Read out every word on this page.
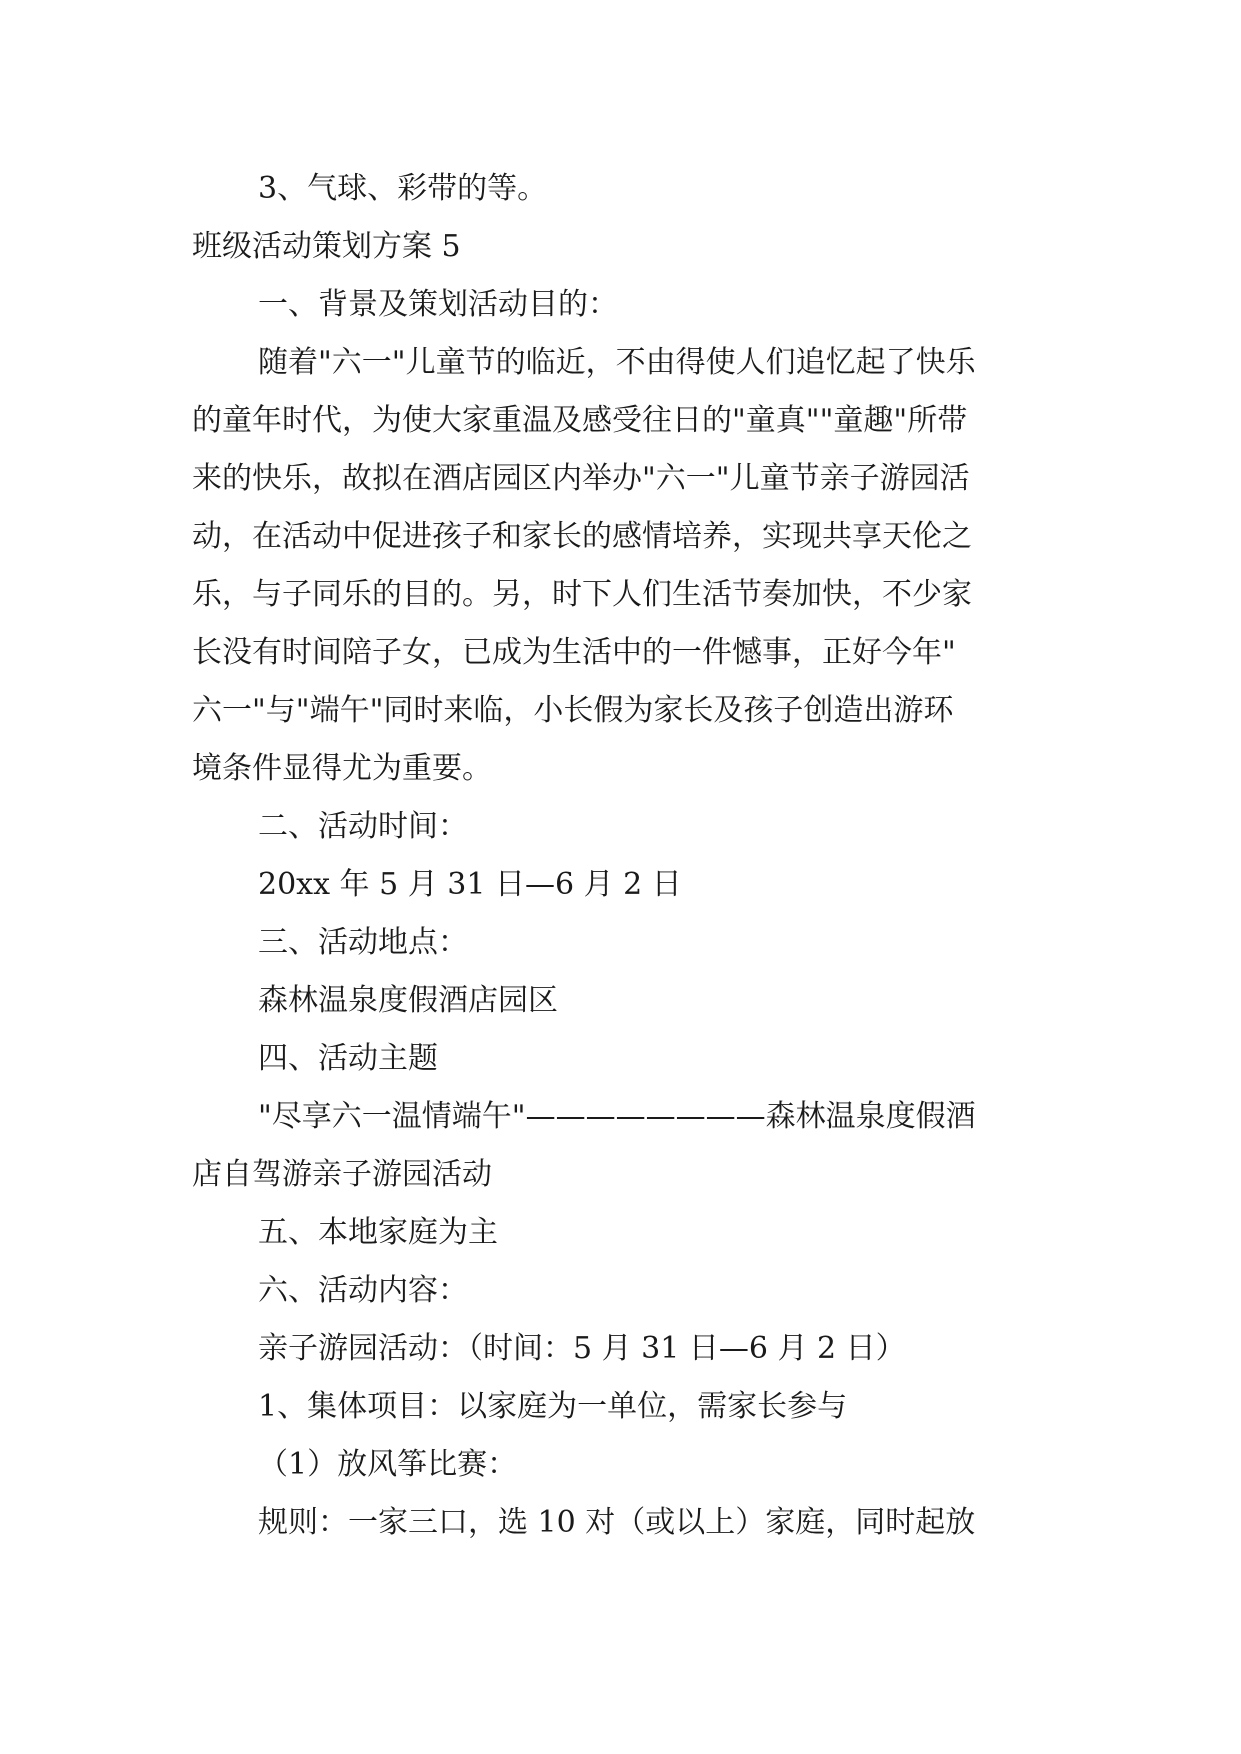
3、气球、彩带的等。
班级活动策划方案 5
一、背景及策划活动目的：
随着"六一"儿童节的临近，不由得使人们追忆起了快乐
的童年时代，为使大家重温及感受往日的"童真""童趣"所带
来的快乐，故拟在酒店园区内举办"六一"儿童节亲子游园活
动，在活动中促进孩子和家长的感情培养，实现共享天伦之
乐，与子同乐的目的。另，时下人们生活节奏加快，不少家
长没有时间陪子女，已成为生活中的一件憾事，正好今年"
六一"与"端午"同时来临，小长假为家长及孩子创造出游环
境条件显得尤为重要。
二、活动时间：
20xx 年 5 月 31 日—6 月 2 日
三、活动地点：
森林温泉度假酒店园区
四、活动主题
"尽享六一温情端午"————————森林温泉度假酒
店自驾游亲子游园活动
五、本地家庭为主
六、活动内容：
亲子游园活动：（时间：5 月 31 日—6 月 2 日）
1、集体项目：以家庭为一单位，需家长参与
（1）放风筝比赛：
规则：一家三口，选 10 对（或以上）家庭，同时起放
